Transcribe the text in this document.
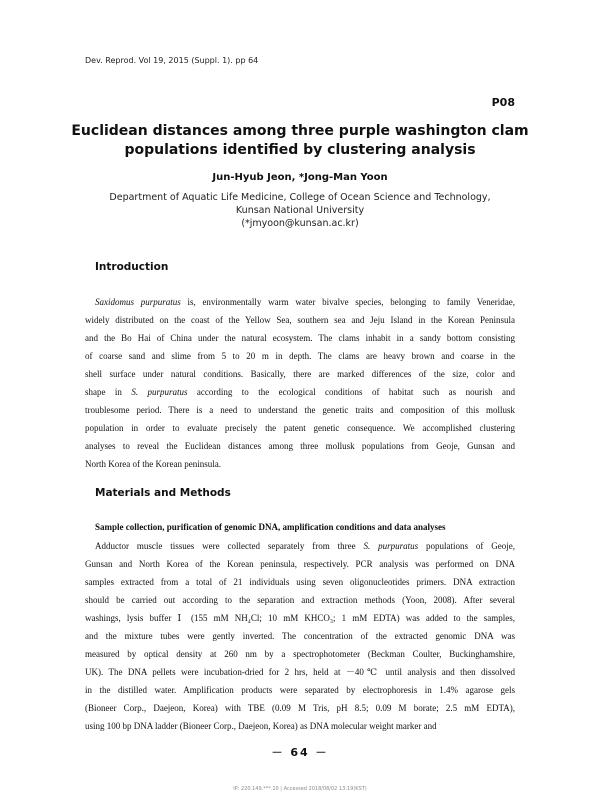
Dev. Reprod. Vol 19, 2015 (Suppl. 1). pp 64
P08
Euclidean distances among three purple washington clam
populations identified by clustering analysis
Jun-Hyub Jeon, *Jong-Man Yoon
Department of Aquatic Life Medicine, College of Ocean Science and Technology,
Kunsan National University
(*jmyoon@kunsan.ac.kr)
Introduction
Saxidomus purpuratus is, environmentally warm water bivalve species, belonging to family Veneridae,
widely distributed on the coast of the Yellow Sea, southern sea and Jeju Island in the Korean Peninsula
and the Bo Hai of China under the natural ecosystem. The clams inhabit in a sandy bottom consisting
of coarse sand and slime from 5 to 20 m in depth. The clams are heavy brown and coarse in the
shell surface under natural conditions. Basically, there are marked differences of the size, color and
shape in S. purpuratus according to the ecological conditions of habitat such as nourish and
troublesome period. There is a need to understand the genetic traits and composition of this mollusk
population in order to evaluate precisely the patent genetic consequence. We accomplished clustering
analyses to reveal the Euclidean distances among three mollusk populations from Geoje, Gunsan and
North Korea of the Korean peninsula.
Materials and Methods
Sample collection, purification of genomic DNA, amplification conditions and data analyses
Adductor muscle tissues were collected separately from three S. purpuratus populations of Geoje,
Gunsan and North Korea of the Korean peninsula, respectively. PCR analysis was performed on DNA
samples extracted from a total of 21 individuals using seven oligonucleotides primers. DNA extraction
should be carried out according to the separation and extraction methods (Yoon, 2008). After several
washings, lysis buffer Ⅰ (155 mM NH₄Cl; 10 mM KHCO₃; 1 mM EDTA) was added to the samples,
and the mixture tubes were gently inverted. The concentration of the extracted genomic DNA was
measured by optical density at 260 nm by a spectrophotometer (Beckman Coulter, Buckinghamshire,
UK). The DNA pellets were incubation-dried for 2 hrs, held at －40℃ until analysis and then dissolved
in the distilled water. Amplification products were separated by electrophoresis in 1.4% agarose gels
(Bioneer Corp., Daejeon, Korea) with TBE (0.09 M Tris, pH 8.5; 0.09 M borate; 2.5 mM EDTA),
using 100 bp DNA ladder (Bioneer Corp., Daejeon, Korea) as DNA molecular weight marker and
－ 64 －
IP: 220.149.***.10 | Accessed 2018/08/02 13:19(KST)
